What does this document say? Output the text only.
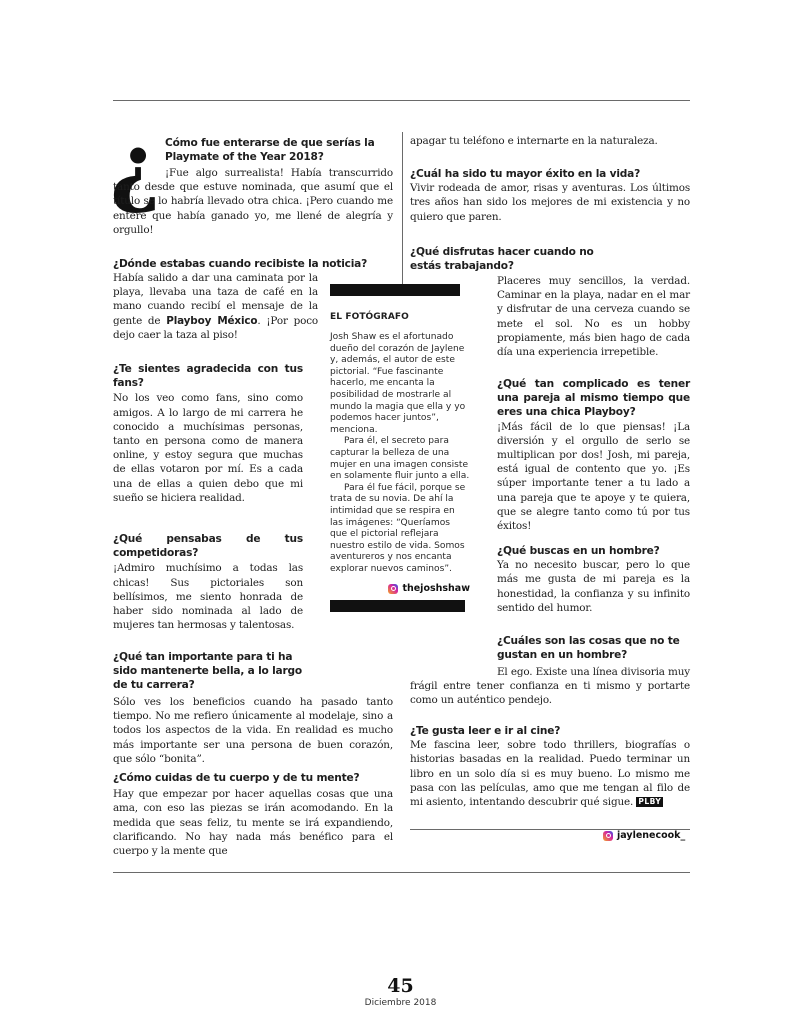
¿ Cómo fue enterarse de que serías la Playmate of the Year 2018?

¡Fue algo surrealista! Había transcurrido tanto desde que estuve nominada, que asumí que el título se lo habría llevado otra chica. ¡Pero cuando me enteré que había ganado yo, me llené de alegría y orgullo!

¿Dónde estabas cuando recibiste la noticia?

Había salido a dar una caminata por la playa, llevaba una taza de café en la mano cuando recibí el mensaje de la gente de Playboy México. ¡Por poco dejo caer la taza al piso!

¿Te sientes agradecida con tus fans?

No los veo como fans, sino como amigos. A lo largo de mi carrera he conocido a muchísimas personas, tanto en persona como de manera online, y estoy segura que muchas de ellas votaron por mí. Es a cada una de ellas a quien debo que mi sueño se hiciera realidad.

¿Qué pensabas de tus competidoras?

¡Admiro muchísimo a todas las chicas! Sus pictoriales son bellísimos, me siento honrada de haber sido nominada al lado de mujeres tan hermosas y talentosas.

¿Qué tan importante para ti ha sido mantenerte bella, a lo largo de tu carrera?

Sólo ves los beneficios cuando ha pasado tanto tiempo. No me refiero únicamente al modelaje, sino a todos los aspectos de la vida. En realidad es mucho más importante ser una persona de buen corazón, que sólo “bonita”.

¿Cómo cuidas de tu cuerpo y de tu mente?

Hay que empezar por hacer aquellas cosas que una ama, con eso las piezas se irán acomodando. En la medida que seas feliz, tu mente se irá expandiendo, clarificando. No hay nada más benéfico para el cuerpo y la mente que

EL FOTÓGRAFO

Josh Shaw es el afortunado dueño del corazón de Jaylene y, además, el autor de este pictorial. “Fue fascinante hacerlo, me encanta la posibilidad de mostrarle al mundo la magia que ella y yo podemos hacer juntos”, menciona.

Para él, el secreto para capturar la belleza de una mujer en una imagen consiste en solamente fluir junto a ella.

Para él fue fácil, porque se trata de su novia. De ahí la intimidad que se respira en las imágenes: “Queríamos que el pictorial reflejara nuestro estilo de vida. Somos aventureros y nos encanta explorar nuevos caminos”.

thejoshshaw

apagar tu teléfono e internarte en la naturaleza.

¿Cuál ha sido tu mayor éxito en la vida?

Vivir rodeada de amor, risas y aventuras. Los últimos tres años han sido los mejores de mi existencia y no quiero que paren.

¿Qué disfrutas hacer cuando no estás trabajando?

Placeres muy sencillos, la verdad. Caminar en la playa, nadar en el mar y disfrutar de una cerveza cuando se mete el sol. No es un hobby propiamente, más bien hago de cada día una experiencia irrepetible.

¿Qué tan complicado es tener una pareja al mismo tiempo que eres una chica Playboy?

¡Más fácil de lo que piensas! ¡La diversión y el orgullo de serlo se multiplican por dos! Josh, mi pareja, está igual de contento que yo. ¡Es súper importante tener a tu lado a una pareja que te apoye y te quiera, que se alegre tanto como tú por tus éxitos!

¿Qué buscas en un hombre?

Ya no necesito buscar, pero lo que más me gusta de mi pareja es la honestidad, la confianza y su infinito sentido del humor.

¿Cuáles son las cosas que no te gustan en un hombre?

El ego. Existe una línea divisoria muy frágil entre tener confianza en ti mismo y portarte como un auténtico pendejo.

¿Te gusta leer e ir al cine?

Me fascina leer, sobre todo thrillers, biografías o historias basadas en la realidad. Puedo terminar un libro en un solo día si es muy bueno. Lo mismo me pasa con las películas, amo que me tengan al filo de mi asiento, intentando descubrir qué sigue. PLBY

jaylenecook_
45
Diciembre 2018
